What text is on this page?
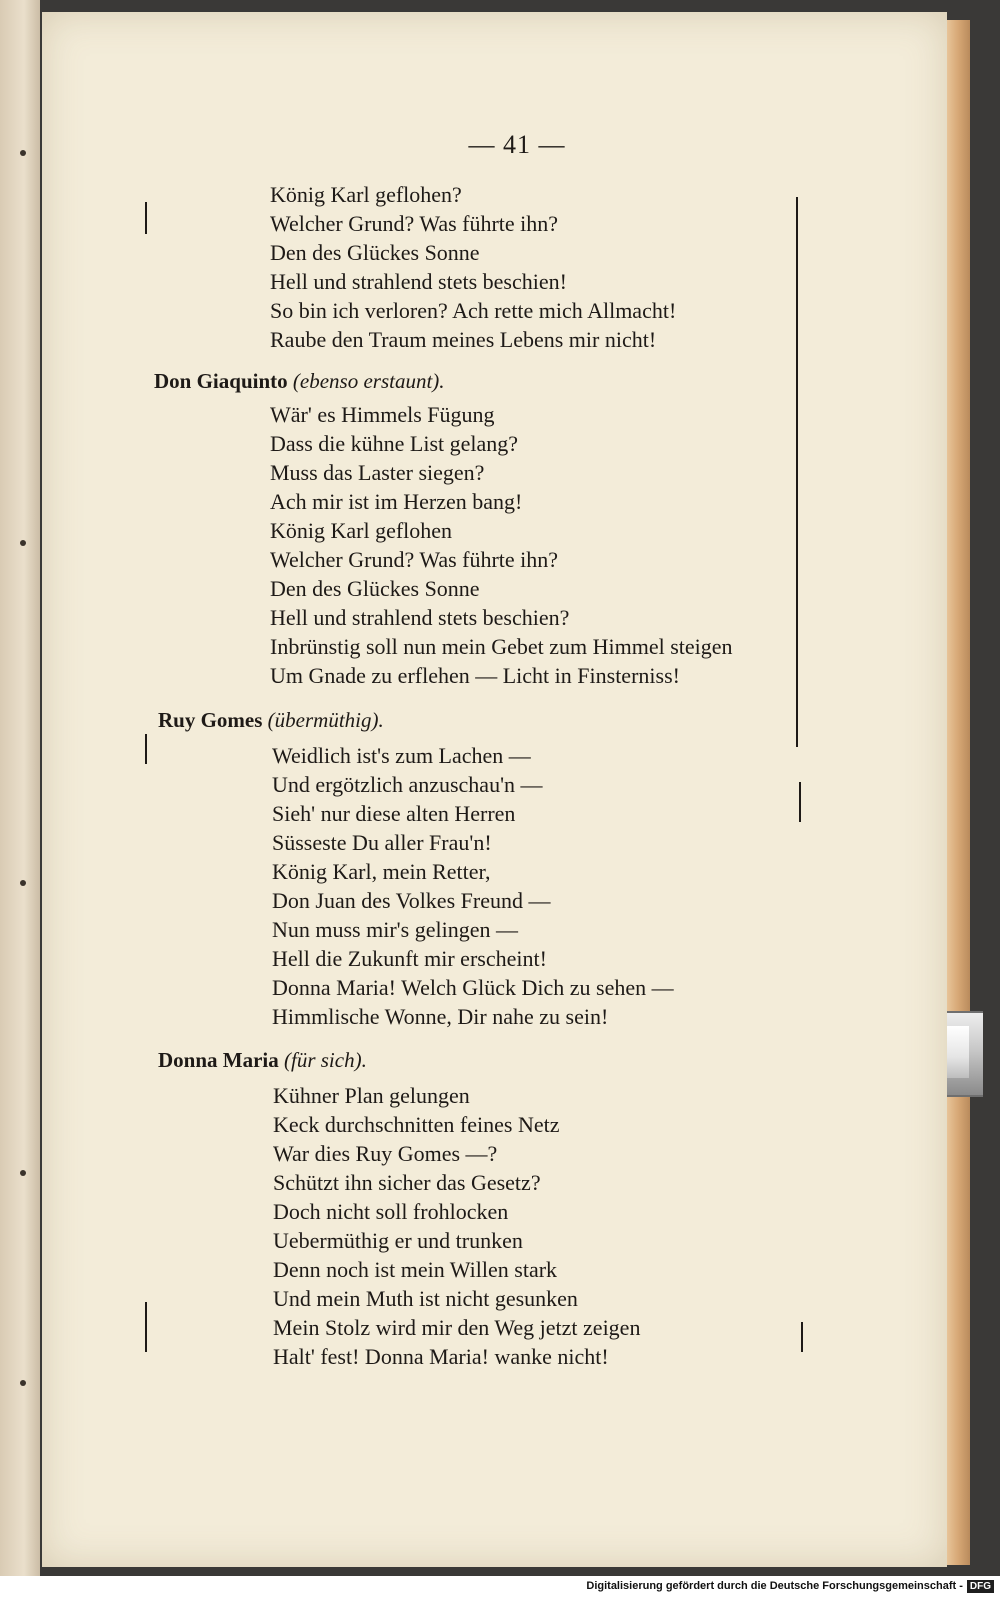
— 41 —
König Karl geflohen?
Welcher Grund? Was führte ihn?
Den des Glückes Sonne
Hell und strahlend stets beschien!
So bin ich verloren? Ach rette mich Allmacht!
Raube den Traum meines Lebens mir nicht!
Don Giaquinto (ebenso erstaunt).
Wär' es Himmels Fügung
Dass die kühne List gelang?
Muss das Laster siegen?
Ach mir ist im Herzen bang!
König Karl geflohen
Welcher Grund? Was führte ihn?
Den des Glückes Sonne
Hell und strahlend stets beschien?
Inbrünstig soll nun mein Gebet zum Himmel steigen
Um Gnade zu erflehen — Licht in Finsterniss!
Ruy Gomes (übermüthig).
Weidlich ist's zum Lachen —
Und ergötzlich anzuschau'n —
Sieh' nur diese alten Herren
Süsseste Du aller Frau'n!
König Karl, mein Retter,
Don Juan des Volkes Freund —
Nun muss mir's gelingen —
Hell die Zukunft mir erscheint!
Donna Maria! Welch Glück Dich zu sehen —
Himmlische Wonne, Dir nahe zu sein!
Donna Maria (für sich).
Kühner Plan gelungen
Keck durchschnitten feines Netz
War dies Ruy Gomes —?
Schützt ihn sicher das Gesetz?
Doch nicht soll frohlocken
Uebermüthig er und trunken
Denn noch ist mein Willen stark
Und mein Muth ist nicht gesunken
Mein Stolz wird mir den Weg jetzt zeigen
Halt' fest! Donna Maria! wanke nicht!
Digitalisierung gefördert durch die Deutsche Forschungsgemeinschaft - DFG
